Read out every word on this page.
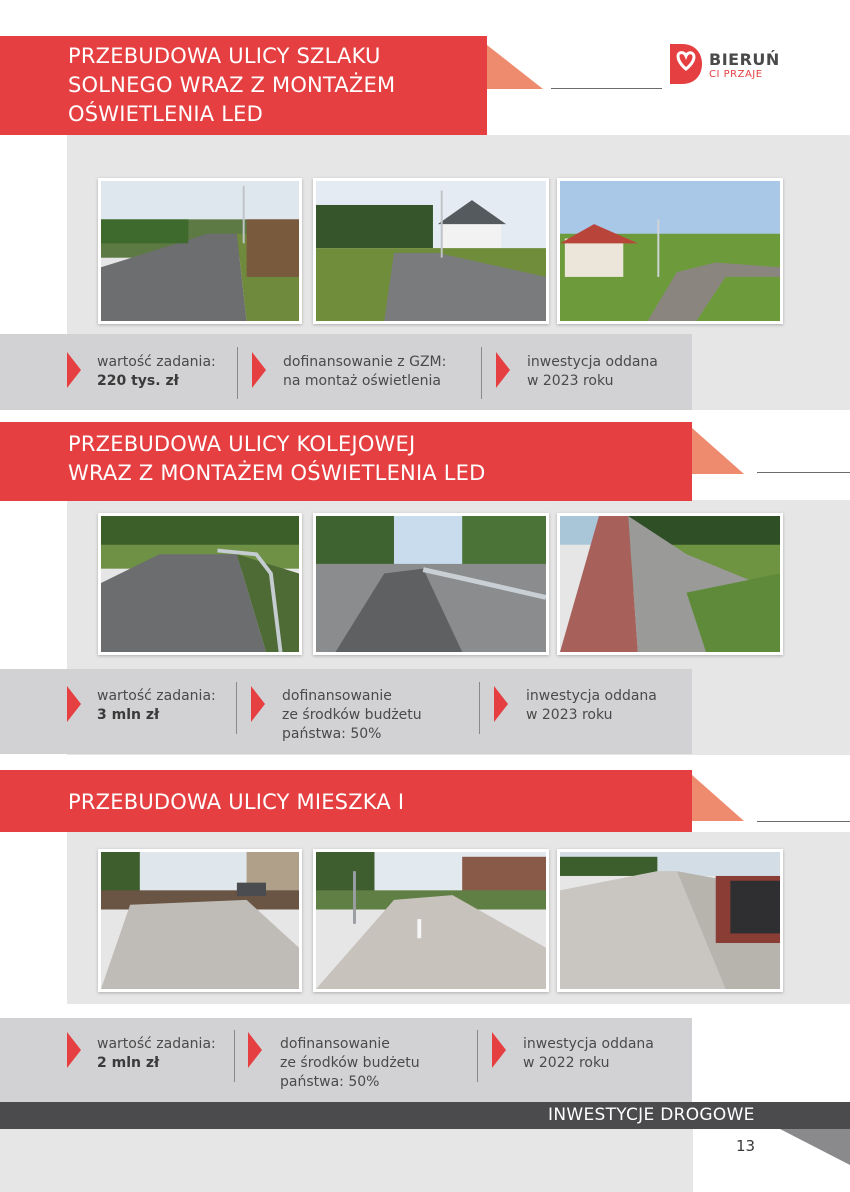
PRZEBUDOWA ULICY SZLAKU
SOLNEGO WRAZ Z MONTAŻEM
OŚWIETLENIA LED
BIERUŃ
CI PRZAJE
wartość zadania:
220 tys. zł
dofinansowanie z GZM:
na montaż oświetlenia
inwestycja oddana
w 2023 roku
PRZEBUDOWA ULICY KOLEJOWEJ
WRAZ Z MONTAŻEM OŚWIETLENIA LED
wartość zadania:
3 mln zł
dofinansowanie
ze środków budżetu
państwa: 50%
inwestycja oddana
w 2023 roku
PRZEBUDOWA ULICY MIESZKA I
wartość zadania:
2 mln zł
dofinansowanie
ze środków budżetu
państwa: 50%
inwestycja oddana
w 2022 roku
INWESTYCJE DROGOWE
13
